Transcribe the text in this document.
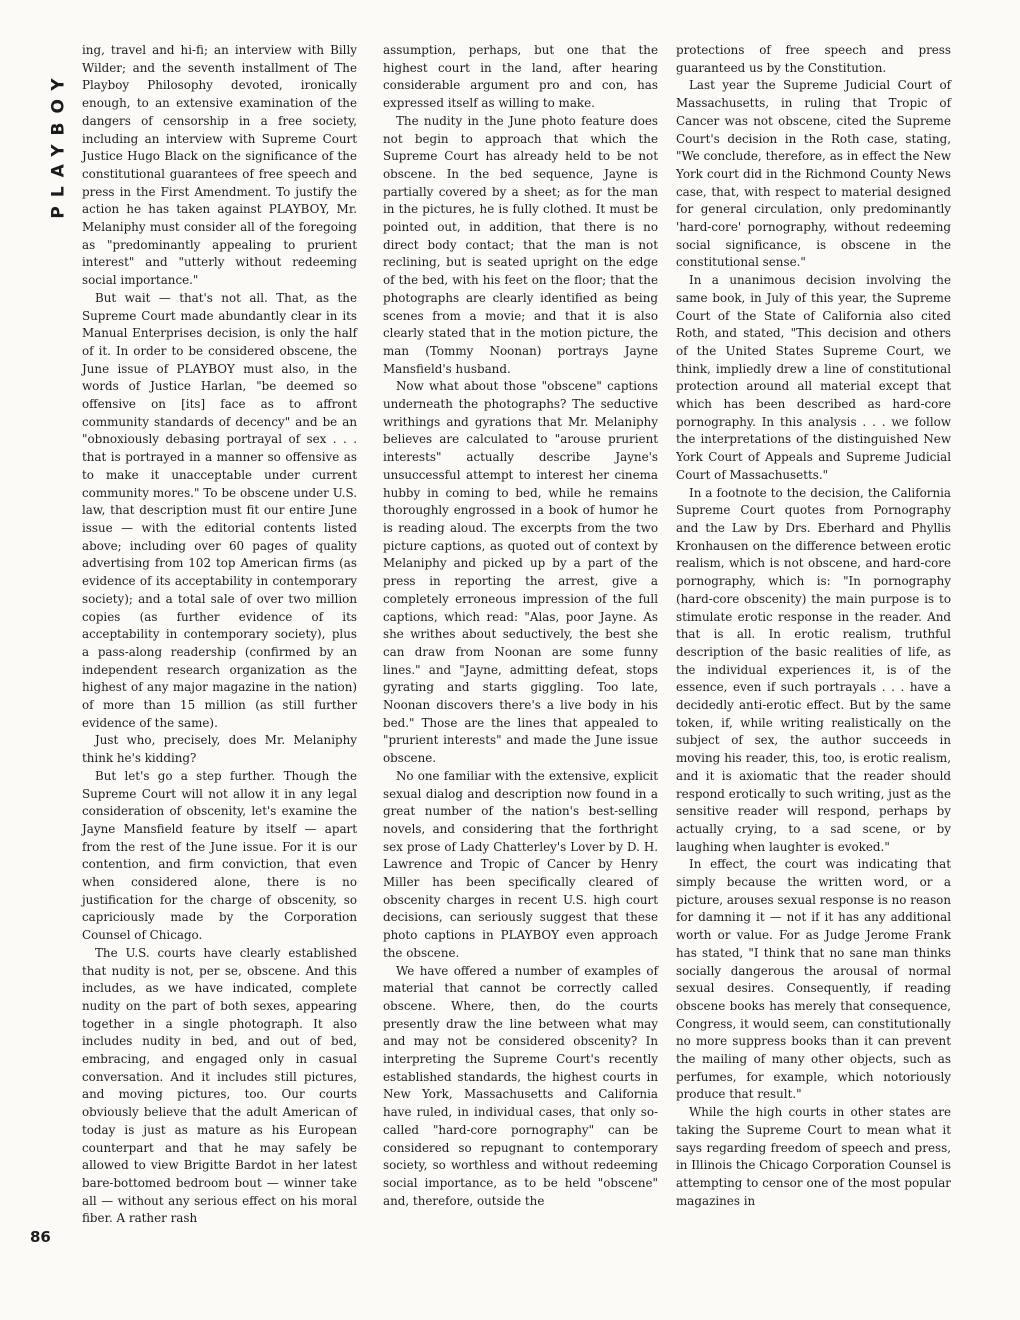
PLAYBOY
86

ing, travel and hi-fi; an interview with Billy Wilder; and the seventh installment of The Playboy Philosophy devoted, ironically enough, to an extensive examination of the dangers of censorship in a free society, including an interview with Supreme Court Justice Hugo Black on the significance of the constitutional guarantees of free speech and press in the First Amendment. To justify the action he has taken against PLAYBOY, Mr. Melaniphy must consider all of the foregoing as "predominantly appealing to prurient interest" and "utterly without redeeming social importance."

But wait — that's not all. That, as the Supreme Court made abundantly clear in its Manual Enterprises decision, is only the half of it. In order to be considered obscene, the June issue of PLAYBOY must also, in the words of Justice Harlan, "be deemed so offensive on [its] face as to affront community standards of decency" and be an "obnoxiously debasing portrayal of sex . . . that is portrayed in a manner so offensive as to make it unacceptable under current community mores." To be obscene under U.S. law, that description must fit our entire June issue — with the editorial contents listed above; including over 60 pages of quality advertising from 102 top American firms (as evidence of its acceptability in contemporary society); and a total sale of over two million copies (as further evidence of its acceptability in contemporary society), plus a pass-along readership (confirmed by an independent research organization as the highest of any major magazine in the nation) of more than 15 million (as still further evidence of the same).

Just who, precisely, does Mr. Melaniphy think he's kidding?

But let's go a step further. Though the Supreme Court will not allow it in any legal consideration of obscenity, let's examine the Jayne Mansfield feature by itself — apart from the rest of the June issue. For it is our contention, and firm conviction, that even when considered alone, there is no justification for the charge of obscenity, so capriciously made by the Corporation Counsel of Chicago.

The U.S. courts have clearly established that nudity is not, per se, obscene. And this includes, as we have indicated, complete nudity on the part of both sexes, appearing together in a single photograph. It also includes nudity in bed, and out of bed, embracing, and engaged only in casual conversation. And it includes still pictures, and moving pictures, too. Our courts obviously believe that the adult American of today is just as mature as his European counterpart and that he may safely be allowed to view Brigitte Bardot in her latest bare-bottomed bedroom bout — winner take all — without any serious effect on his moral fiber. A rather rash

assumption, perhaps, but one that the highest court in the land, after hearing considerable argument pro and con, has expressed itself as willing to make.

The nudity in the June photo feature does not begin to approach that which the Supreme Court has already held to be not obscene. In the bed sequence, Jayne is partially covered by a sheet; as for the man in the pictures, he is fully clothed. It must be pointed out, in addition, that there is no direct body contact; that the man is not reclining, but is seated upright on the edge of the bed, with his feet on the floor; that the photographs are clearly identified as being scenes from a movie; and that it is also clearly stated that in the motion picture, the man (Tommy Noonan) portrays Jayne Mansfield's husband.

Now what about those "obscene" captions underneath the photographs? The seductive writhings and gyrations that Mr. Melaniphy believes are calculated to "arouse prurient interests" actually describe Jayne's unsuccessful attempt to interest her cinema hubby in coming to bed, while he remains thoroughly engrossed in a book of humor he is reading aloud. The excerpts from the two picture captions, as quoted out of context by Melaniphy and picked up by a part of the press in reporting the arrest, give a completely erroneous impression of the full captions, which read: "Alas, poor Jayne. As she writhes about seductively, the best she can draw from Noonan are some funny lines." and "Jayne, admitting defeat, stops gyrating and starts giggling. Too late, Noonan discovers there's a live body in his bed." Those are the lines that appealed to "prurient interests" and made the June issue obscene.

No one familiar with the extensive, explicit sexual dialog and description now found in a great number of the nation's best-selling novels, and considering that the forthright sex prose of Lady Chatterley's Lover by D. H. Lawrence and Tropic of Cancer by Henry Miller has been specifically cleared of obscenity charges in recent U.S. high court decisions, can seriously suggest that these photo captions in PLAYBOY even approach the obscene.

We have offered a number of examples of material that cannot be correctly called obscene. Where, then, do the courts presently draw the line between what may and may not be considered obscenity? In interpreting the Supreme Court's recently established standards, the highest courts in New York, Massachusetts and California have ruled, in individual cases, that only so-called "hard-core pornography" can be considered so repugnant to contemporary society, so worthless and without redeeming social importance, as to be held "obscene" and, therefore, outside the

protections of free speech and press guaranteed us by the Constitution.

Last year the Supreme Judicial Court of Massachusetts, in ruling that Tropic of Cancer was not obscene, cited the Supreme Court's decision in the Roth case, stating, "We conclude, therefore, as in effect the New York court did in the Richmond County News case, that, with respect to material designed for general circulation, only predominantly 'hard-core' pornography, without redeeming social significance, is obscene in the constitutional sense."

In a unanimous decision involving the same book, in July of this year, the Supreme Court of the State of California also cited Roth, and stated, "This decision and others of the United States Supreme Court, we think, impliedly drew a line of constitutional protection around all material except that which has been described as hard-core pornography. In this analysis . . . we follow the interpretations of the distinguished New York Court of Appeals and Supreme Judicial Court of Massachusetts."

In a footnote to the decision, the California Supreme Court quotes from Pornography and the Law by Drs. Eberhard and Phyllis Kronhausen on the difference between erotic realism, which is not obscene, and hard-core pornography, which is: "In pornography (hard-core obscenity) the main purpose is to stimulate erotic response in the reader. And that is all. In erotic realism, truthful description of the basic realities of life, as the individual experiences it, is of the essence, even if such portrayals . . . have a decidedly anti-erotic effect. But by the same token, if, while writing realistically on the subject of sex, the author succeeds in moving his reader, this, too, is erotic realism, and it is axiomatic that the reader should respond erotically to such writing, just as the sensitive reader will respond, perhaps by actually crying, to a sad scene, or by laughing when laughter is evoked."

In effect, the court was indicating that simply because the written word, or a picture, arouses sexual response is no reason for damning it — not if it has any additional worth or value. For as Judge Jerome Frank has stated, "I think that no sane man thinks socially dangerous the arousal of normal sexual desires. Consequently, if reading obscene books has merely that consequence, Congress, it would seem, can constitutionally no more suppress books than it can prevent the mailing of many other objects, such as perfumes, for example, which notoriously produce that result."

While the high courts in other states are taking the Supreme Court to mean what it says regarding freedom of speech and press, in Illinois the Chicago Corporation Counsel is attempting to censor one of the most popular magazines in
